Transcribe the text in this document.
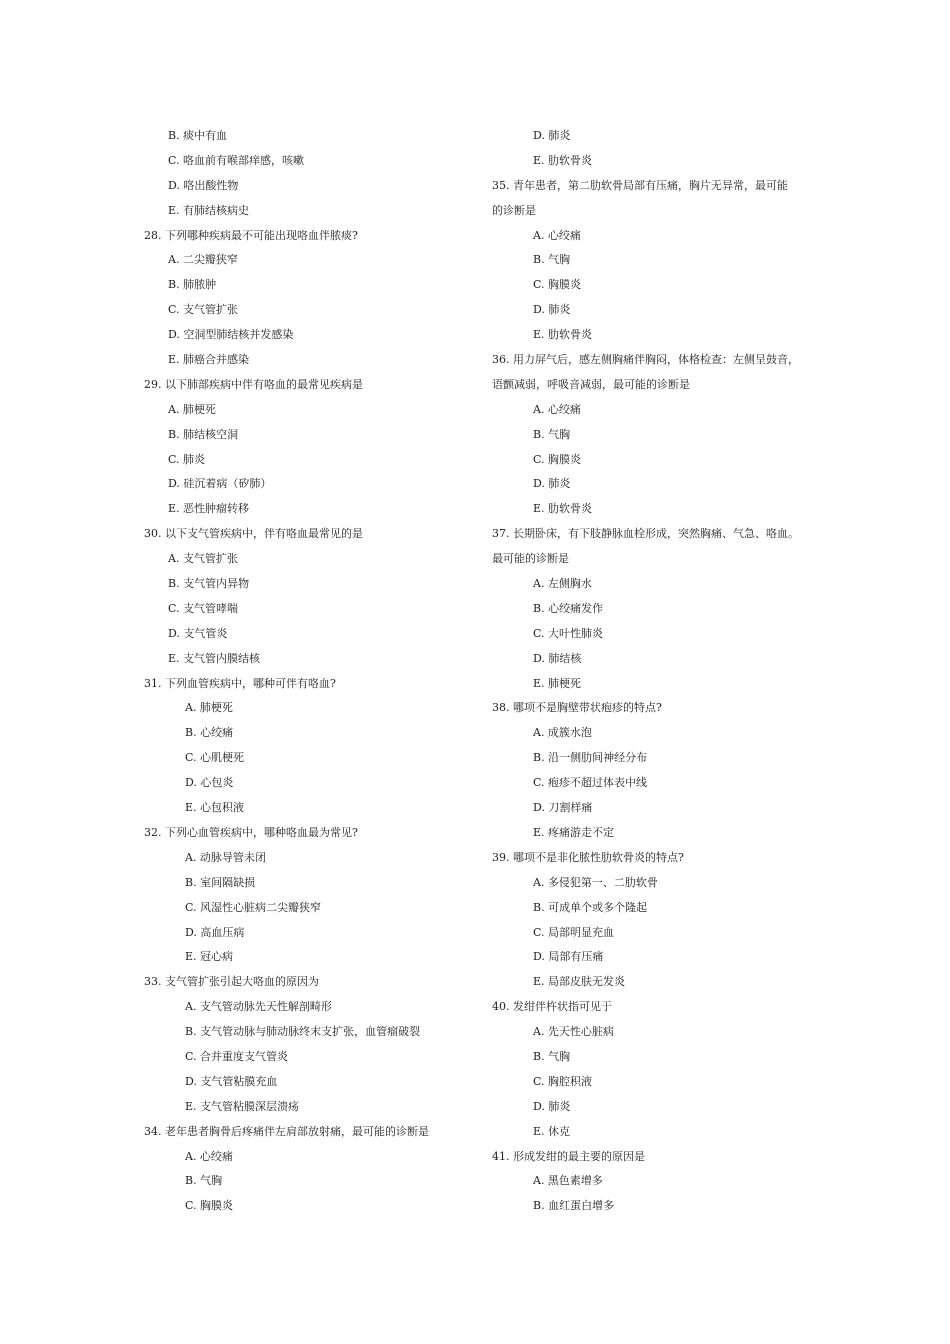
B. 痰中有血
C. 咯血前有喉部痒感，咳嗽
D. 咯出酸性物
E. 有肺结核病史
28. 下列哪种疾病最不可能出现咯血伴脓痰?
A. 二尖瓣狭窄
B. 肺脓肿
C. 支气管扩张
D. 空洞型肺结核并发感染
E. 肺癌合并感染
29. 以下肺部疾病中伴有咯血的最常见疾病是
A. 肺梗死
B. 肺结核空洞
C. 肺炎
D. 硅沉着病（矽肺）
E. 恶性肿瘤转移
30. 以下支气管疾病中，伴有咯血最常见的是
A. 支气管扩张
B. 支气管内异物
C. 支气管哮喘
D. 支气管炎
E. 支气管内膜结核
31. 下列血管疾病中，哪种可伴有咯血?
A. 肺梗死
B. 心绞痛
C. 心肌梗死
D. 心包炎
E. 心包积液
32. 下列心血管疾病中，哪种咯血最为常见?
A. 动脉导管未闭
B. 室间隔缺损
C. 风湿性心脏病二尖瓣狭窄
D. 高血压病
E. 冠心病
33. 支气管扩张引起大咯血的原因为
A. 支气管动脉先天性解剖畸形
B. 支气管动脉与肺动脉终末支扩张，血管瘤破裂
C. 合并重度支气管炎
D. 支气管粘膜充血
E. 支气管粘膜深层溃疡
34. 老年患者胸骨后疼痛伴左肩部放射痛，最可能的诊断是
A. 心绞痛
B. 气胸
C. 胸膜炎
D. 肺炎
E. 肋软骨炎
35. 青年患者，第二肋软骨局部有压痛，胸片无异常，最可能
的诊断是
A. 心绞痛
B. 气胸
C. 胸膜炎
D. 肺炎
E. 肋软骨炎
36. 用力屏气后，感左侧胸痛伴胸闷，体格检查：左侧呈鼓音，
语颤减弱，呼吸音减弱，最可能的诊断是
A. 心绞痛
B. 气胸
C. 胸膜炎
D. 肺炎
E. 肋软骨炎
37. 长期卧床，有下肢静脉血栓形成，突然胸痛、气急、咯血。
最可能的诊断是
A. 左侧胸水
B. 心绞痛发作
C. 大叶性肺炎
D. 肺结核
E. 肺梗死
38. 哪项不是胸壁带状疱疹的特点?
A. 成簇水泡
B. 沿一侧肋间神经分布
C. 疱疹不超过体表中线
D. 刀割样痛
E. 疼痛游走不定
39. 哪项不是非化脓性肋软骨炎的特点?
A. 多侵犯第一、二肋软骨
B. 可成单个或多个隆起
C. 局部明显充血
D. 局部有压痛
E. 局部皮肤无发炎
40. 发绀伴杵状指可见于
A. 先天性心脏病
B. 气胸
C. 胸腔积液
D. 肺炎
E. 休克
41. 形成发绀的最主要的原因是
A. 黑色素增多
B. 血红蛋白增多
